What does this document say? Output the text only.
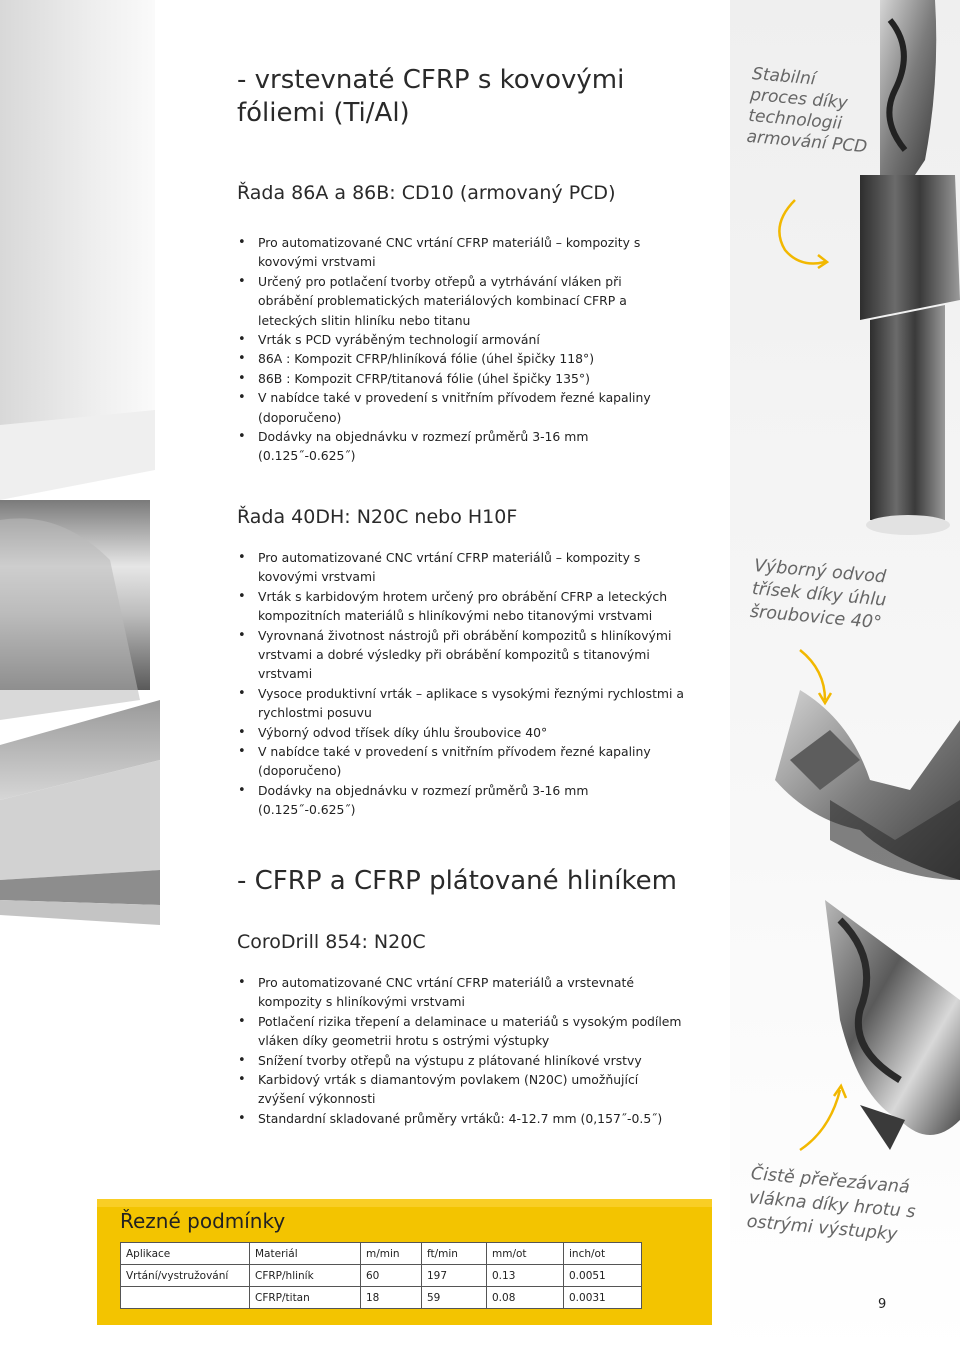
- vrstevnaté CFRP s kovovými fóliemi (Ti/Al)
Řada 86A a 86B: CD10 (armovaný PCD)
• Pro automatizované CNC vrtání CFRP materiálů – kompozity s kovovými vrstvami
• Určený pro potlačení tvorby otřepů a vytrhávání vláken při obrábění problematických materiálových kombinací CFRP a leteckých slitin hliníku nebo titanu
• Vrták s PCD vyráběným technologií armování
• 86A : Kompozit CFRP/hliníková fólie (úhel špičky 118°)
• 86B : Kompozit CFRP/titanová fólie (úhel špičky 135°)
• V nabídce také v provedení s vnitřním přívodem řezné kapaliny (doporučeno)
• Dodávky na objednávku v rozmezí průměrů 3-16 mm (0.125˝-0.625˝)
Řada 40DH: N20C nebo H10F
• Pro automatizované CNC vrtání CFRP materiálů – kompozity s kovovými vrstvami
• Vrták s karbidovým hrotem určený pro obrábění CFRP a leteckých kompozitních materiálů s hliníkovými nebo titanovými vrstvami
• Vyrovnaná životnost nástrojů při obrábění kompozitů s hliníkovými vrstvami a dobré výsledky při obrábění kompozitů s titanovými vrstvami
• Vysoce produktivní vrták – aplikace s vysokými řeznými rychlostmi a rychlostmi posuvu
• Výborný odvod třísek díky úhlu šroubovice 40°
• V nabídce také v provedení s vnitřním přívodem řezné kapaliny (doporučeno)
• Dodávky na objednávku v rozmezí průměrů 3-16 mm (0.125˝-0.625˝)
- CFRP a CFRP plátované hliníkem
CoroDrill 854: N20C
• Pro automatizované CNC vrtání CFRP materiálů a vrstevnaté kompozity s hliníkovými vrstvami
• Potlačení rizika třepení a delaminace u materiáů s vysokým podílem vláken díky geometrii hrotu s ostrými výstupky
• Snížení tvorby otřepů na výstupu z plátované hliníkové vrstvy
• Karbidový vrták s diamantovým povlakem (N20C) umožňující zvýšení výkonnosti
• Standardní skladované průměry vrtáků: 4-12.7 mm (0,157˝-0.5˝)
Stabilní
proces díky
technologii
armování PCD
Výborný odvod
třísek díky úhlu
šroubovice 40°
Čistě přeřezávaná
vlákna díky hrotu s
ostrými výstupky
Řezné podmínky
Aplikace	Materiál	m/min	ft/min	mm/ot	inch/ot
Vrtání/vystružování	CFRP/hliník	60	197	0.13	0.0051
	CFRP/titan	18	59	0.08	0.0031	9
